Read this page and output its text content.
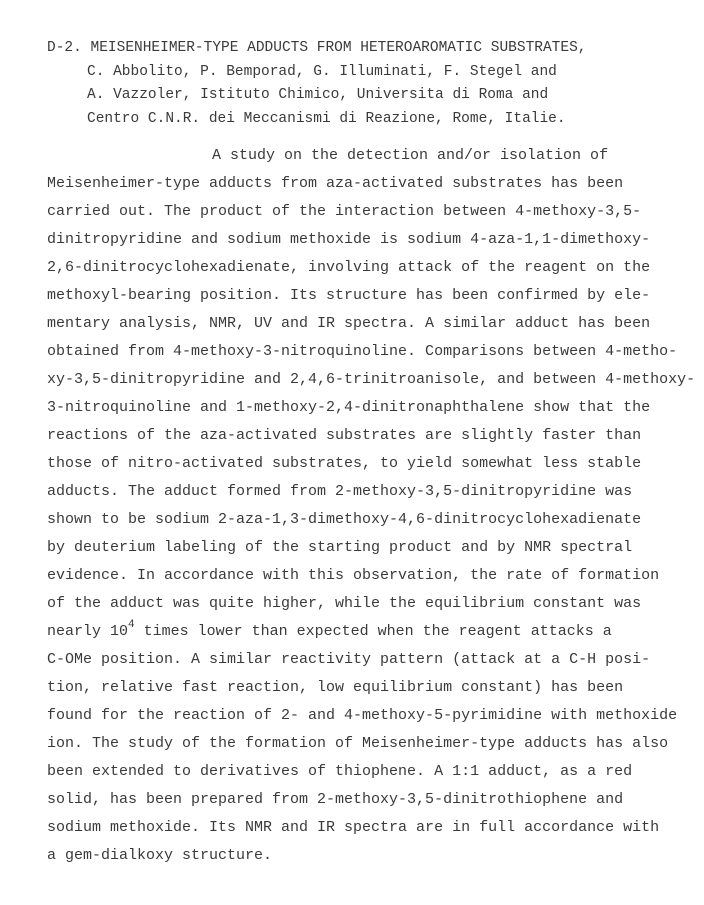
D-2. MEISENHEIMER-TYPE ADDUCTS FROM HETEROAROMATIC SUBSTRATES,
C. Abbolito, P. Bemporad, G. Illuminati, F. Stegel and
A. Vazzoler, Istituto Chimico, Universita di Roma and
Centro C.N.R. dei Meccanismi di Reazione, Rome, Italie.
A study on the detection and/or isolation of
Meisenheimer-type adducts from aza-activated substrates has been
carried out. The product of the interaction between 4-methoxy-3,5-
dinitropyridine and sodium methoxide is sodium 4-aza-1,1-dimethoxy-
2,6-dinitrocyclohexadienate, involving attack of the reagent on the
methoxyl-bearing position. Its structure has been confirmed by ele-
mentary analysis, NMR, UV and IR spectra. A similar adduct has been
obtained from 4-methoxy-3-nitroquinoline. Comparisons between 4-metho-
xy-3,5-dinitropyridine and 2,4,6-trinitroanisole, and between 4-methoxy-
3-nitroquinoline and 1-methoxy-2,4-dinitronaphthalene show that the
reactions of the aza-activated substrates are slightly faster than
those of nitro-activated substrates, to yield somewhat less stable
adducts. The adduct formed from 2-methoxy-3,5-dinitropyridine was
shown to be sodium 2-aza-1,3-dimethoxy-4,6-dinitrocyclohexadienate
by deuterium labeling of the starting product and by NMR spectral
evidence. In accordance with this observation, the rate of formation
of the adduct was quite higher, while the equilibrium constant was
nearly $10^4$ times lower than expected when the reagent attacks a
C-OMe position. A similar reactivity pattern (attack at a C-H posi-
tion, relative fast reaction, low equilibrium constant) has been
found for the reaction of 2- and 4-methoxy-5-pyrimidine with methoxide
ion. The study of the formation of Meisenheimer-type adducts has also
been extended to derivatives of thiophene. A 1:1 adduct, as a red
solid, has been prepared from 2-methoxy-3,5-dinitrothiophene and
sodium methoxide. Its NMR and IR spectra are in full accordance with
a gem-dialkoxy structure.
